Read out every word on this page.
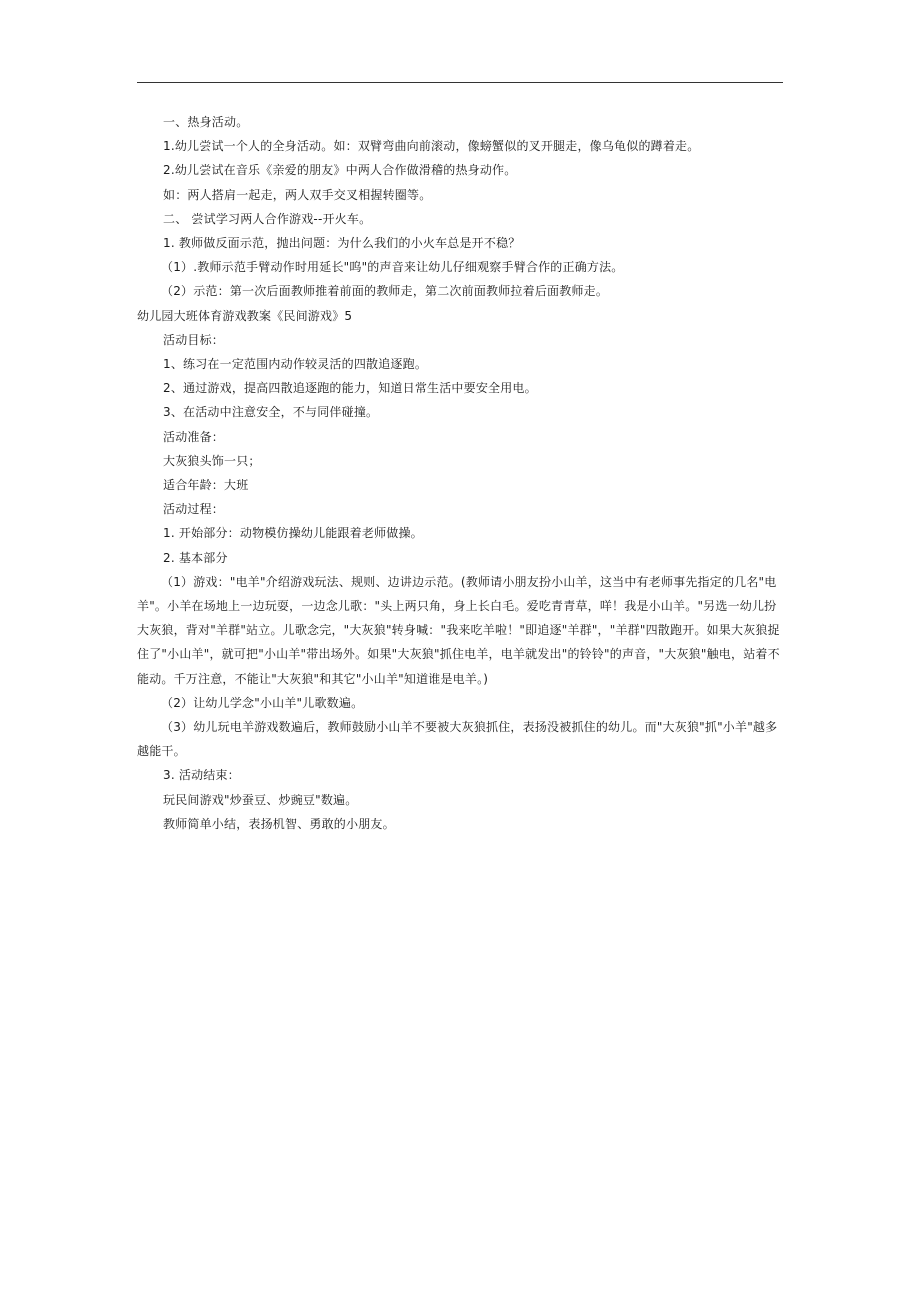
一、热身活动。

1.幼儿尝试一个人的全身活动。如：双臂弯曲向前滚动，像螃蟹似的叉开腿走，像乌龟似的蹲着走。

2.幼儿尝试在音乐《亲爱的朋友》中两人合作做滑稽的热身动作。

如：两人搭肩一起走，两人双手交叉相握转圈等。

二、 尝试学习两人合作游戏--开火车。

1. 教师做反面示范，抛出问题：为什么我们的小火车总是开不稳？

（1）.教师示范手臂动作时用延长"呜"的声音来让幼儿仔细观察手臂合作的正确方法。

（2）示范：第一次后面教师推着前面的教师走，第二次前面教师拉着后面教师走。

幼儿园大班体育游戏教案《民间游戏》5

活动目标：

1、练习在一定范围内动作较灵活的四散追逐跑。

2、通过游戏，提高四散追逐跑的能力，知道日常生活中要安全用电。

3、在活动中注意安全，不与同伴碰撞。

活动准备：

大灰狼头饰一只；

适合年龄：大班

活动过程：

1. 开始部分：动物模仿操幼儿能跟着老师做操。

2. 基本部分

（1）游戏："电羊"介绍游戏玩法、规则、边讲边示范。(教师请小朋友扮小山羊，这当中有老师事先指定的几名"电羊"。小羊在场地上一边玩耍，一边念儿歌："头上两只角，身上长白毛。爱吃青青草，咩！我是小山羊。"另选一幼儿扮大灰狼，背对"羊群"站立。儿歌念完，"大灰狼"转身喊："我来吃羊啦！"即追逐"羊群"，"羊群"四散跑开。如果大灰狼捉住了"小山羊"，就可把"小山羊"带出场外。如果"大灰狼"抓住电羊，电羊就发出"的铃铃"的声音，"大灰狼"触电，站着不能动。千万注意，不能让"大灰狼"和其它"小山羊"知道谁是电羊。)

（2）让幼儿学念"小山羊"儿歌数遍。

（3）幼儿玩电羊游戏数遍后，教师鼓励小山羊不要被大灰狼抓住，表扬没被抓住的幼儿。而"大灰狼"抓"小羊"越多越能干。

3. 活动结束：

玩民间游戏"炒蚕豆、炒豌豆"数遍。

教师简单小结，表扬机智、勇敢的小朋友。
